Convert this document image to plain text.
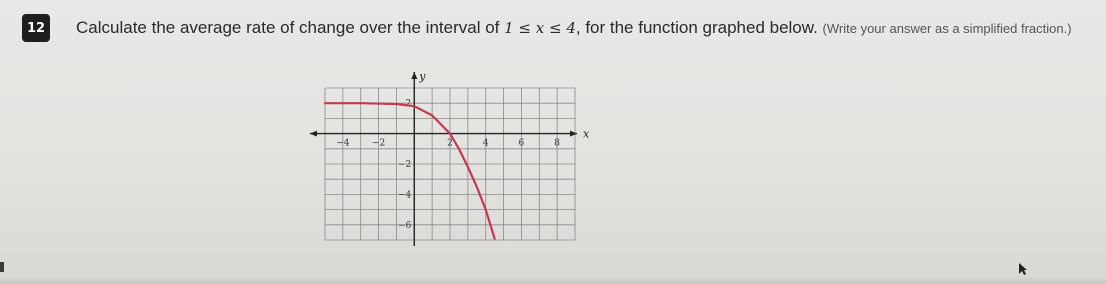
12 Calculate the average rate of change over the interval of 1 ≤ x ≤ 4, for the function graphed below. (Write your answer as a simplified fraction.)
x
y
−4 −2	2	4	6	8
2
−2
−4
−6
